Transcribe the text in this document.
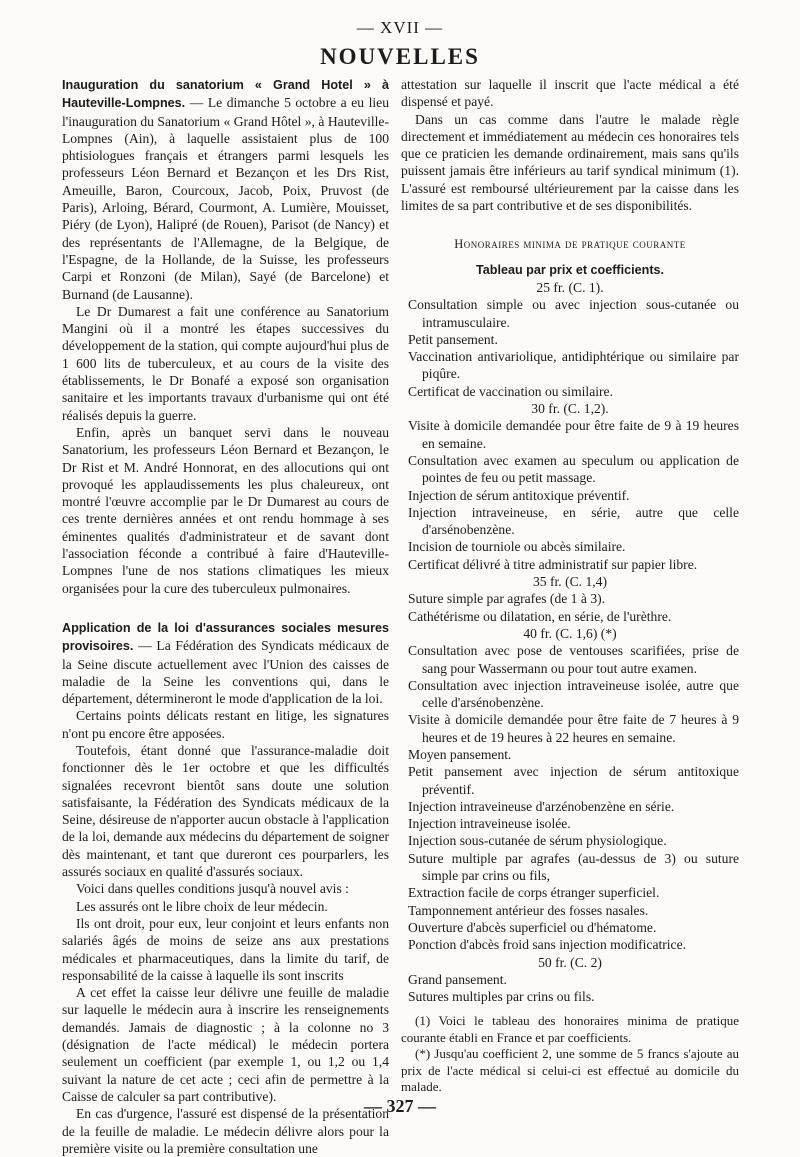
— XVII —
NOUVELLES

Inauguration du sanatorium « Grand Hotel » à Hauteville-Lompnes. — Le dimanche 5 octobre a eu lieu l'inauguration du Sanatorium « Grand Hôtel », à Hauteville-Lompnes (Ain), à laquelle assistaient plus de 100 phtisiologues français et étrangers parmi lesquels les professeurs Léon Bernard et Bezançon et les Drs Rist, Ameuille, Baron, Courcoux, Jacob, Poix, Pruvost (de Paris), Arloing, Bérard, Courmont, A. Lumière, Mouisset, Piéry (de Lyon), Halipré (de Rouen), Parisot (de Nancy) et des représentants de l'Allemagne, de la Belgique, de l'Espagne, de la Hollande, de la Suisse, les professeurs Carpi et Ronzoni (de Milan), Sayé (de Barcelone) et Burnand (de Lausanne).

Le Dr Dumarest a fait une conférence au Sanatorium Mangini où il a montré les étapes successives du développement de la station, qui compte aujourd'hui plus de 1 600 lits de tuberculeux, et au cours de la visite des établissements, le Dr Bonafé a exposé son organisation sanitaire et les importants travaux d'urbanisme qui ont été réalisés depuis la guerre.

Enfin, après un banquet servi dans le nouveau Sanatorium, les professeurs Léon Bernard et Bezançon, le Dr Rist et M. André Honnorat, en des allocutions qui ont provoqué les applaudissements les plus chaleureux, ont montré l'œuvre accomplie par le Dr Dumarest au cours de ces trente dernières années et ont rendu hommage à ses éminentes qualités d'administrateur et de savant dont l'association féconde a contribué à faire d'Hauteville-Lompnes l'une de nos stations climatiques les mieux organisées pour la cure des tuberculeux pulmonaires.

Application de la loi d'assurances sociales mesures provisoires. — La Fédération des Syndicats médicaux de la Seine discute actuellement avec l'Union des caisses de maladie de la Seine les conventions qui, dans le département, détermineront le mode d'application de la loi.

Certains points délicats restant en litige, les signatures n'ont pu encore être apposées.

Toutefois, étant donné que l'assurance-maladie doit fonctionner dès le 1er octobre et que les difficultés signalées recevront bientôt sans doute une solution satisfaisante, la Fédération des Syndicats médicaux de la Seine, désireuse de n'apporter aucun obstacle à l'application de la loi, demande aux médecins du département de soigner dès maintenant, et tant que dureront ces pourparlers, les assurés sociaux en qualité d'assurés sociaux.

Voici dans quelles conditions jusqu'à nouvel avis :

Les assurés ont le libre choix de leur médecin.

Ils ont droit, pour eux, leur conjoint et leurs enfants non salariés âgés de moins de seize ans aux prestations médicales et pharmaceutiques, dans la limite du tarif, de responsabilité de la caisse à laquelle ils sont inscrits

A cet effet la caisse leur délivre une feuille de maladie sur laquelle le médecin aura à inscrire les renseignements demandés. Jamais de diagnostic ; à la colonne no 3 (désignation de l'acte médical) le médecin portera seulement un coefficient (par exemple 1, ou 1,2 ou 1,4 suivant la nature de cet acte ; ceci afin de permettre à la Caisse de calculer sa part contributive).

En cas d'urgence, l'assuré est dispensé de la présentation de la feuille de maladie. Le médecin délivre alors pour la première visite ou la première consultation une

attestation sur laquelle il inscrit que l'acte médical a été dispensé et payé.

Dans un cas comme dans l'autre le malade règle directement et immédiatement au médecin ces honoraires tels que ce praticien les demande ordinairement, mais sans qu'ils puissent jamais être inférieurs au tarif syndical minimum (1). L'assuré est remboursé ultérieurement par la caisse dans les limites de sa part contributive et de ses disponibilités.

Honoraires minima de pratique courante

Tableau par prix et coefficients.

25 fr. (C. 1).

Consultation simple ou avec injection sous-cutanée ou intramusculaire.
Petit pansement.
Vaccination antivariolique, antidiphtérique ou similaire par piqûre.
Certificat de vaccination ou similaire.

30 fr. (C. 1,2).

Visite à domicile demandée pour être faite de 9 à 19 heures en semaine.
Consultation avec examen au speculum ou application de pointes de feu ou petit massage.
Injection de sérum antitoxique préventif.
Injection intraveineuse, en série, autre que celle d'arsénobenzène.
Incision de tourniole ou abcès similaire.
Certificat délivré à titre administratif sur papier libre.

35 fr. (C. 1,4)

Suture simple par agrafes (de 1 à 3).
Cathétérisme ou dilatation, en série, de l'urèthre.

40 fr. (C. 1,6) (*)

Consultation avec pose de ventouses scarifiées, prise de sang pour Wassermann ou pour tout autre examen.
Consultation avec injection intraveineuse isolée, autre que celle d'arsénobenzène.
Visite à domicile demandée pour être faite de 7 heures à 9 heures et de 19 heures à 22 heures en semaine.
Moyen pansement.
Petit pansement avec injection de sérum antitoxique préventif.
Injection intraveineuse d'arzénobenzène en série.
Injection intraveineuse isolée.
Injection sous-cutanée de sérum physiologique.
Suture multiple par agrafes (au-dessus de 3) ou suture simple par crins ou fils,
Extraction facile de corps étranger superficiel.
Tamponnement antérieur des fosses nasales.
Ouverture d'abcès superficiel ou d'hématome.
Ponction d'abcès froid sans injection modificatrice.

50 fr. (C. 2)

Grand pansement.
Sutures multiples par crins ou fils.

(1) Voici le tableau des honoraires minima de pratique courante établi en France et par coefficients.

(*) Jusqu'au coefficient 2, une somme de 5 francs s'ajoute au prix de l'acte médical si celui-ci est effectué au domicile du malade.

— 327 —
